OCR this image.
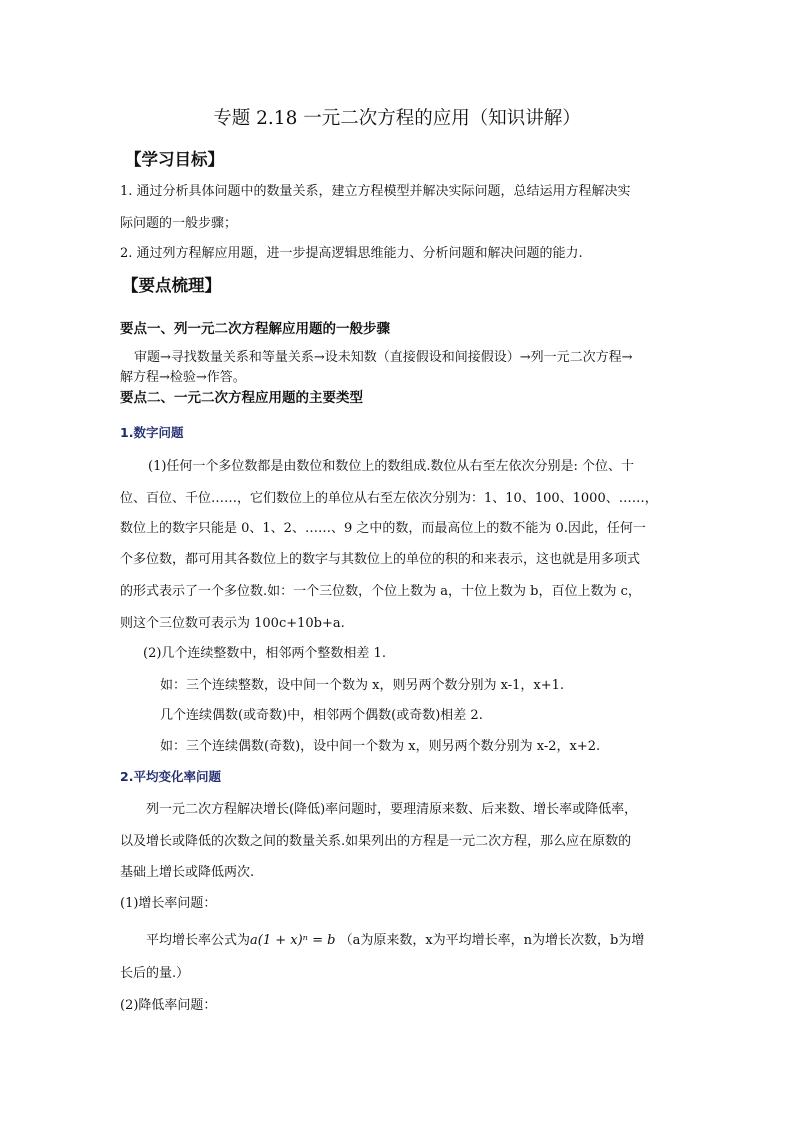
专题 2.18 一元二次方程的应用（知识讲解）
【学习目标】
1. 通过分析具体问题中的数量关系，建立方程模型并解决实际问题，总结运用方程解决实
际问题的一般步骤；
2. 通过列方程解应用题，进一步提高逻辑思维能力、分析问题和解决问题的能力.
【要点梳理】
要点一、列一元二次方程解应用题的一般步骤
审题→寻找数量关系和等量关系→设未知数（直接假设和间接假设）→列一元二次方程→
解方程→检验→作答。
要点二、一元二次方程应用题的主要类型
1.数字问题
(1)任何一个多位数都是由数位和数位上的数组成.数位从右至左依次分别是: 个位、十
位、百位、千位……，它们数位上的单位从右至左依次分别为：1、10、100、1000、……，
数位上的数字只能是 0、1、2、……、9 之中的数，而最高位上的数不能为 0.因此，任何一
个多位数，都可用其各数位上的数字与其数位上的单位的积的和来表示，这也就是用多项式
的形式表示了一个多位数.如：一个三位数，个位上数为 a，十位上数为 b，百位上数为 c，
则这个三位数可表示为 100c+10b+a.
(2)几个连续整数中，相邻两个整数相差 1.
如：三个连续整数，设中间一个数为 x，则另两个数分别为 x-1，x+1.
几个连续偶数(或奇数)中，相邻两个偶数(或奇数)相差 2.
如：三个连续偶数(奇数)，设中间一个数为 x，则另两个数分别为 x-2，x+2.
2.平均变化率问题
列一元二次方程解决增长(降低)率问题时，要理清原来数、后来数、增长率或降低率，
以及增长或降低的次数之间的数量关系.如果列出的方程是一元二次方程，那么应在原数的
基础上增长或降低两次.
(1)增长率问题：
平均增长率公式为a(1 + x)ⁿ = b （a为原来数，x为平均增长率，n为增长次数，b为增
长后的量.）
(2)降低率问题：
